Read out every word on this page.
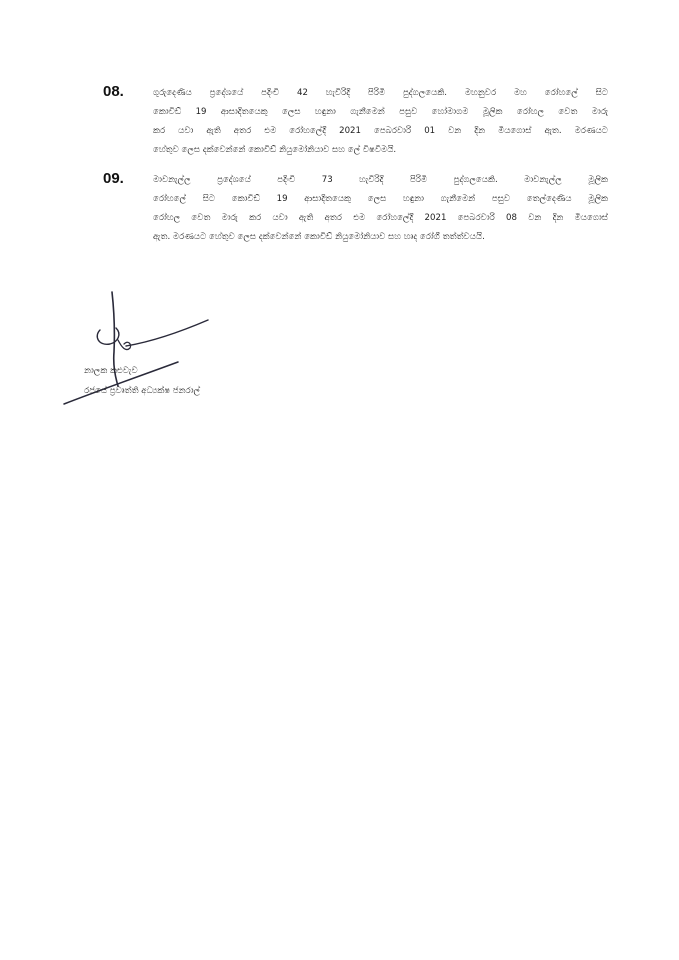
08.	ගුරුදෙණිය ප්‍රදේශයේ පදිංචි 42 හැවිරිදි පිරිමි පුද්ගලයෙකි. මහනුවර මහ රෝහලේ සිට
කොවිඩ් 19 ආසාදිතයෙකු ලෙස හඳුනා ගැනීමෙන් පසුව හෝමාගම මූලික රෝහල වෙත මාරු
කර යවා ඇති අතර එම රෝහලේදී 2021 පෙබරවාරි 01 වන දින මියගොස් ඇත. මරණයට
හේතුව ලෙස දක්වෙන්නේ කොවිඩ් නියුමෝනියාව සහ ලේ විෂවීමයි.
09.	මාවනැල්ල ප්‍රදේශයේ පදිංචි 73 හැවිරිදි පිරිමි පුද්ගලයෙකි. මාවනැල්ල මූලික
රෝහලේ සිට කොවිඩ් 19 ආසාදිතයෙකු ලෙස හඳුනා ගැනීමෙන් පසුව තෙල්දෙණිය මූලික
රෝහල වෙත මාරු කර යවා ඇති අතර එම රෝහලේදී 2021 පෙබරවාරි 08 වන දින මියගොස්
ඇත. මරණයට හේතුව ලෙස දක්වෙන්නේ කොවිඩ් නියුමෝනියාව සහ හෘද රෝගී තත්ත්වයයි.
නාලක කළුවැව
රජයේ ප්‍රවෘත්ති අධ්‍යක්ෂ ජනරාල්
